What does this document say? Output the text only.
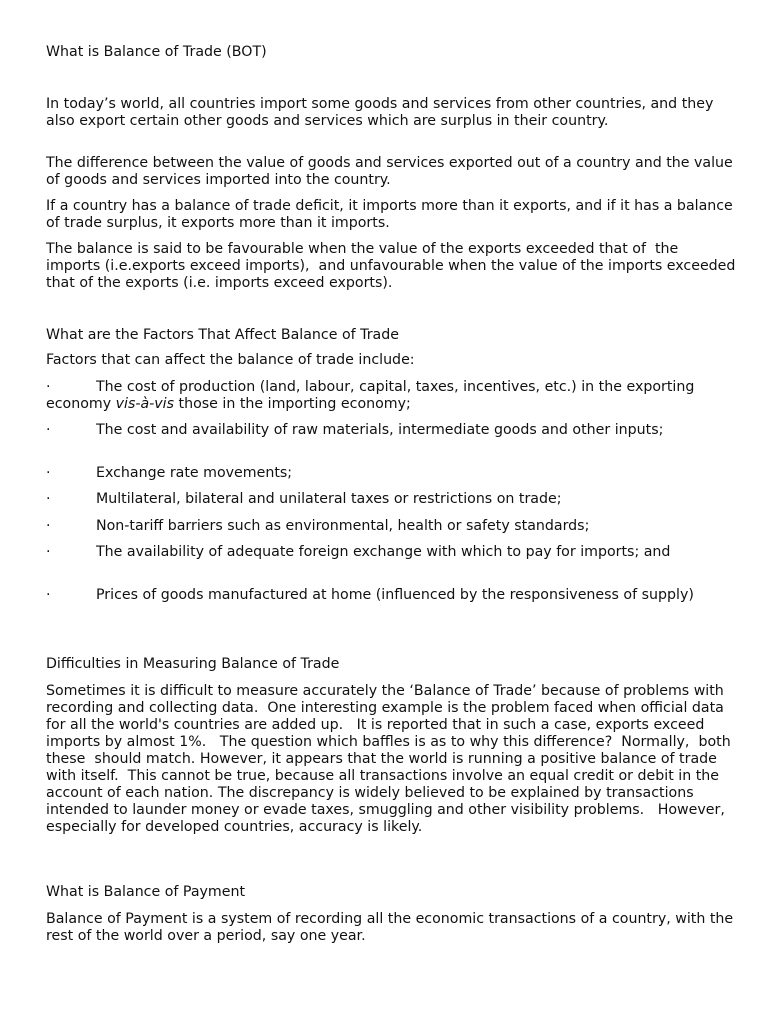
What is Balance of Trade (BOT)

In today’s world, all countries import some goods and services from other countries, and they also export certain other goods and services which are surplus in their country.

The difference between the value of goods and services exported out of a country and the value of goods and services imported into the country.

If a country has a balance of trade deficit, it imports more than it exports, and if it has a balance of trade surplus, it exports more than it imports.

The balance is said to be favourable when the value of the exports exceeded that of  the imports (i.e.exports exceed imports),  and unfavourable when the value of the imports exceeded that of the exports (i.e. imports exceed exports).

What are the Factors That Affect Balance of Trade

Factors that can affect the balance of trade include:

·	The cost of production (land, labour, capital, taxes, incentives, etc.) in the exporting economy vis-à-vis those in the importing economy;

·	The cost and availability of raw materials, intermediate goods and other inputs;

·	Exchange rate movements;

·	Multilateral, bilateral and unilateral taxes or restrictions on trade;

·	Non-tariff barriers such as environmental, health or safety standards;

·	The availability of adequate foreign exchange with which to pay for imports; and

·	Prices of goods manufactured at home (influenced by the responsiveness of supply)

Difficulties in Measuring Balance of Trade

Sometimes it is difficult to measure accurately the ‘Balance of Trade’ because of problems with recording and collecting data.  One interesting example is the problem faced when official data for all the world's countries are added up.   It is reported that in such a case, exports exceed imports by almost 1%.   The question which baffles is as to why this difference?  Normally,  both these  should match. However, it appears that the world is running a positive balance of trade with itself.  This cannot be true, because all transactions involve an equal credit or debit in the account of each nation. The discrepancy is widely believed to be explained by transactions intended to launder money or evade taxes, smuggling and other visibility problems.   However, especially for developed countries, accuracy is likely.

What is Balance of Payment

Balance of Payment is a system of recording all the economic transactions of a country, with the rest of the world over a period, say one year.
